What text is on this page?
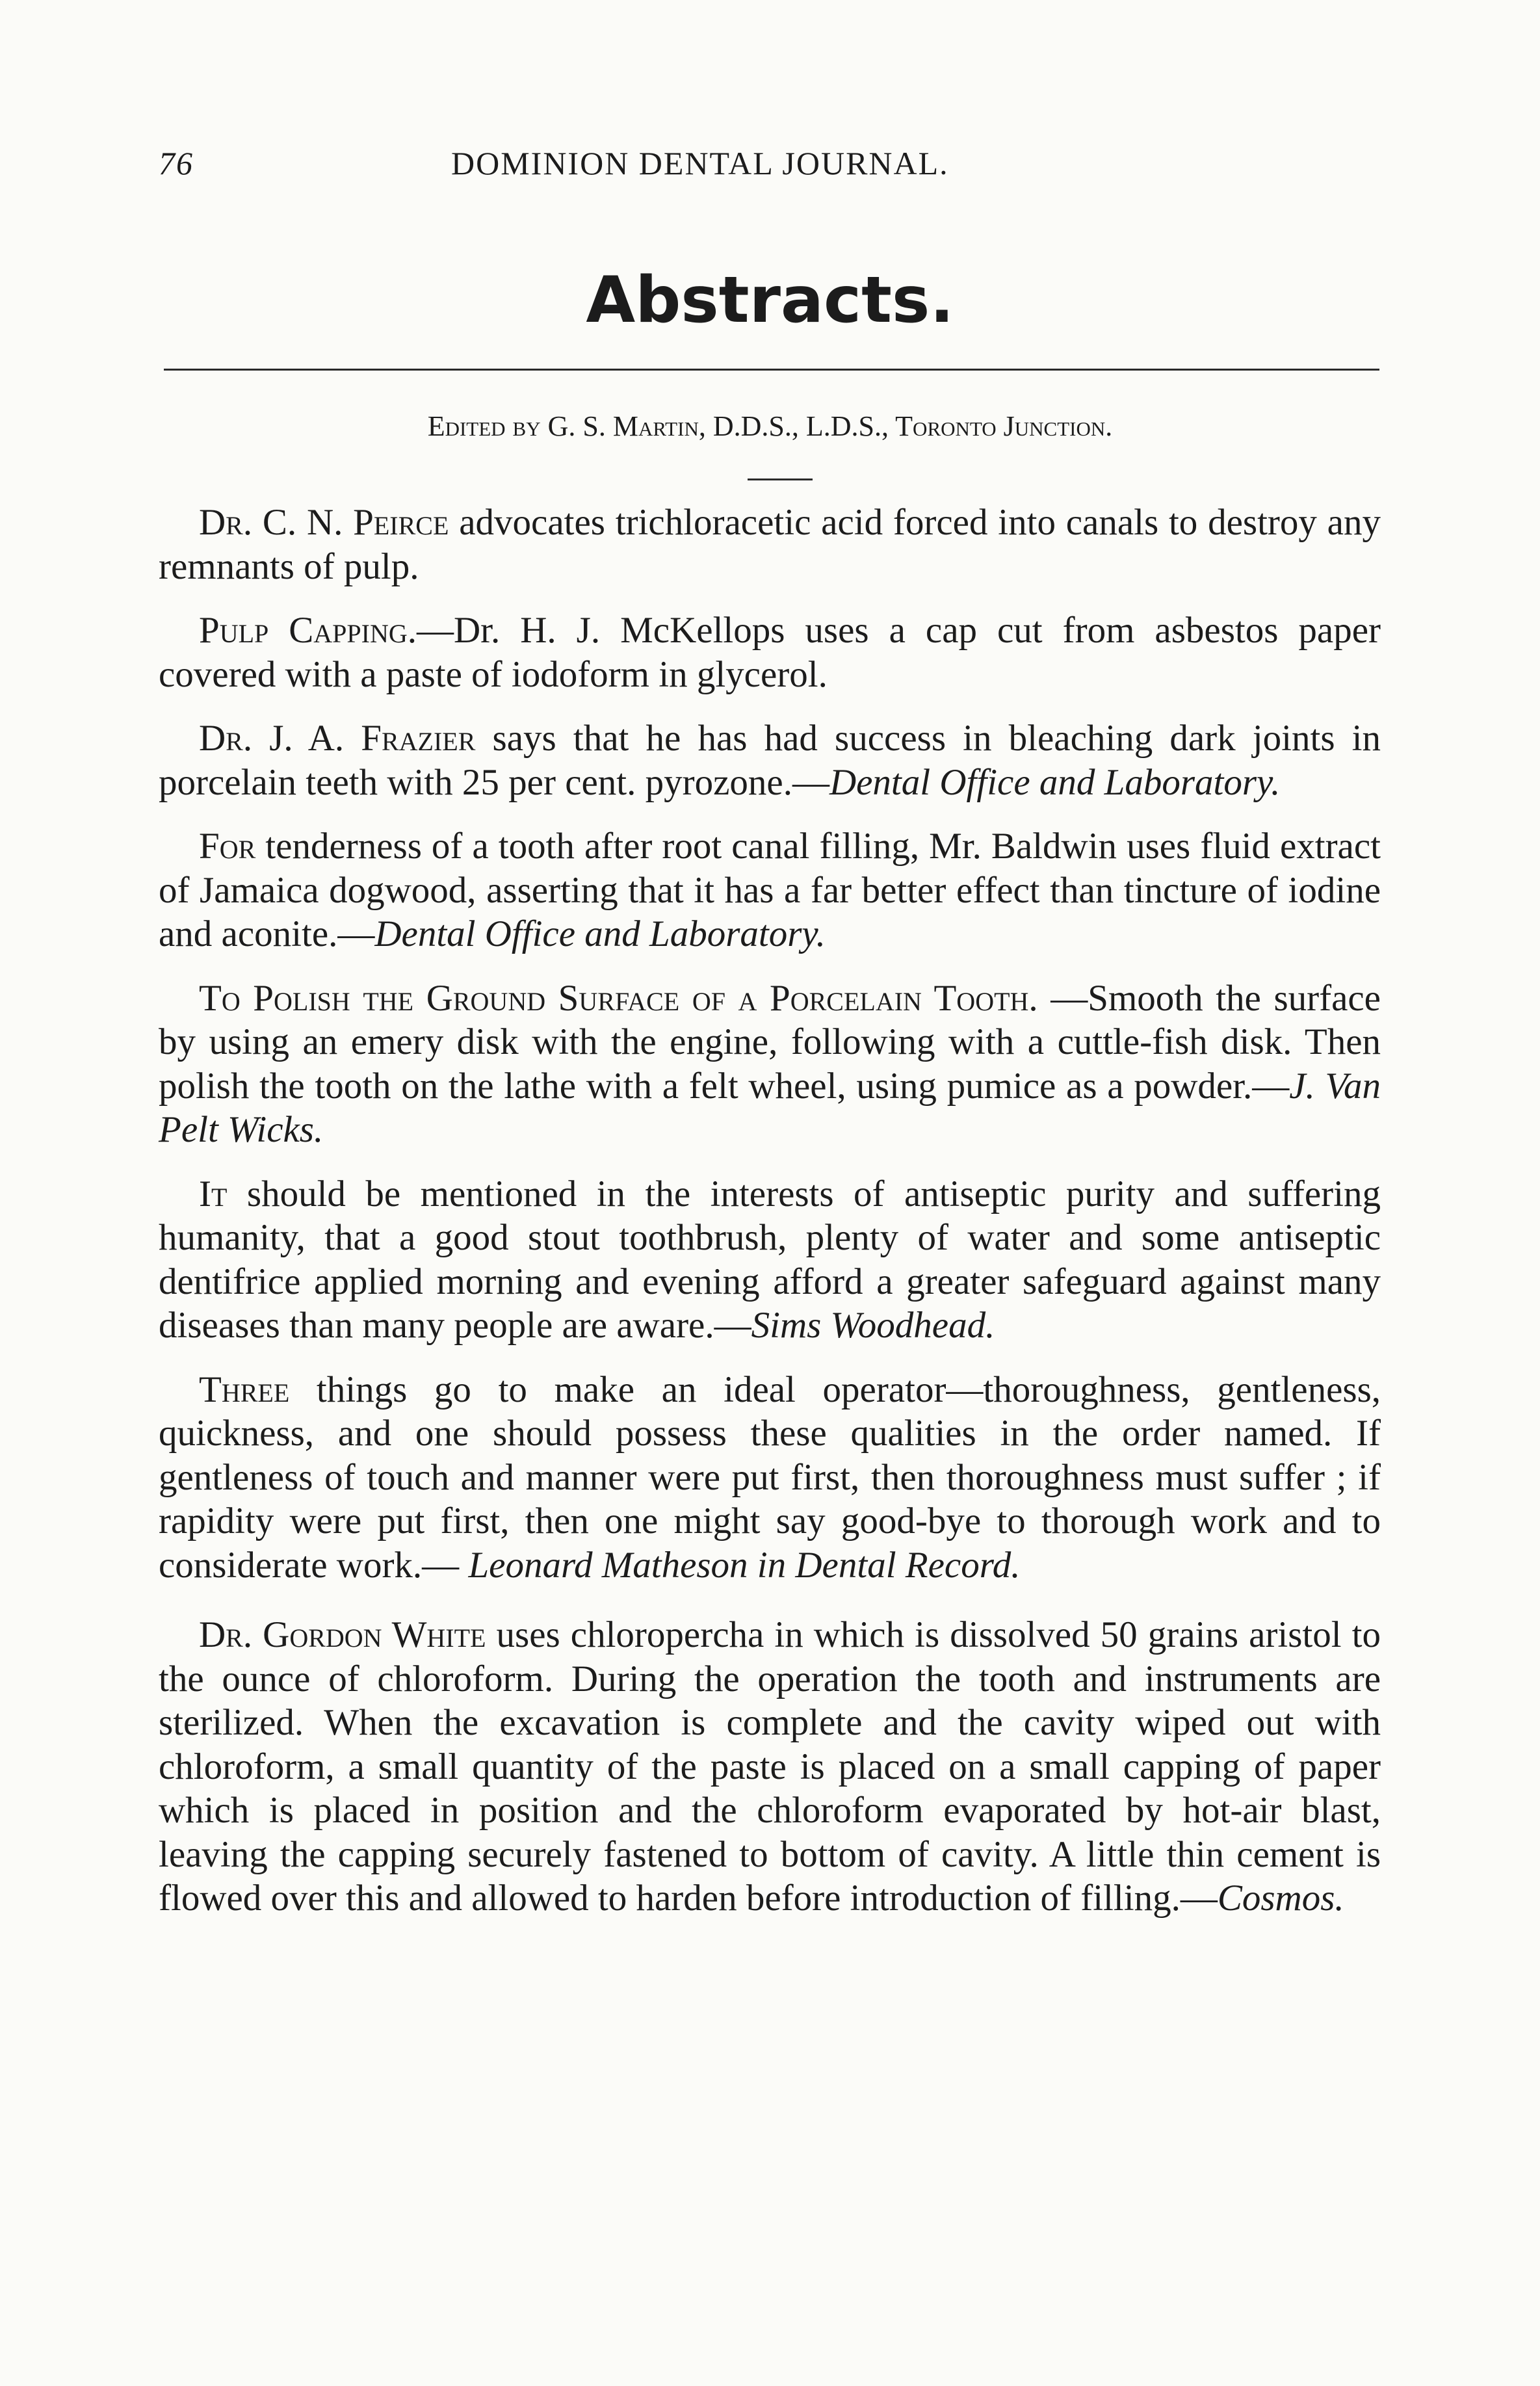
76	DOMINION DENTAL JOURNAL.
Abstracts.
Edited by G. S. Martin, D.D.S., L.D.S., Toronto Junction.

Dr. C. N. Peirce advocates trichloracetic acid forced into canals to destroy any remnants of pulp.

Pulp Capping.—Dr. H. J. McKellops uses a cap cut from asbestos paper covered with a paste of iodoform in glycerol.

Dr. J. A. Frazier says that he has had success in bleaching dark joints in porcelain teeth with 25 per cent. pyrozone.—Dental Office and Laboratory.

For tenderness of a tooth after root canal filling, Mr. Baldwin uses fluid extract of Jamaica dogwood, asserting that it has a far better effect than tincture of iodine and aconite.—Dental Office and Laboratory.

To Polish the Ground Surface of a Porcelain Tooth. —Smooth the surface by using an emery disk with the engine, following with a cuttle-fish disk. Then polish the tooth on the lathe with a felt wheel, using pumice as a powder.—J. Van Pelt Wicks.

It should be mentioned in the interests of antiseptic purity and suffering humanity, that a good stout toothbrush, plenty of water and some antiseptic dentifrice applied morning and evening afford a greater safeguard against many diseases than many people are aware.—Sims Woodhead.

Three things go to make an ideal operator—thoroughness, gentleness, quickness, and one should possess these qualities in the order named. If gentleness of touch and manner were put first, then thoroughness must suffer ; if rapidity were put first, then one might say good-bye to thorough work and to considerate work.— Leonard Matheson in Dental Record.

Dr. Gordon White uses chloropercha in which is dissolved 50 grains aristol to the ounce of chloroform. During the operation the tooth and instruments are sterilized. When the excavation is complete and the cavity wiped out with chloroform, a small quantity of the paste is placed on a small capping of paper which is placed in position and the chloroform evaporated by hot-air blast, leaving the capping securely fastened to bottom of cavity. A little thin cement is flowed over this and allowed to harden before introduction of filling.—Cosmos.
